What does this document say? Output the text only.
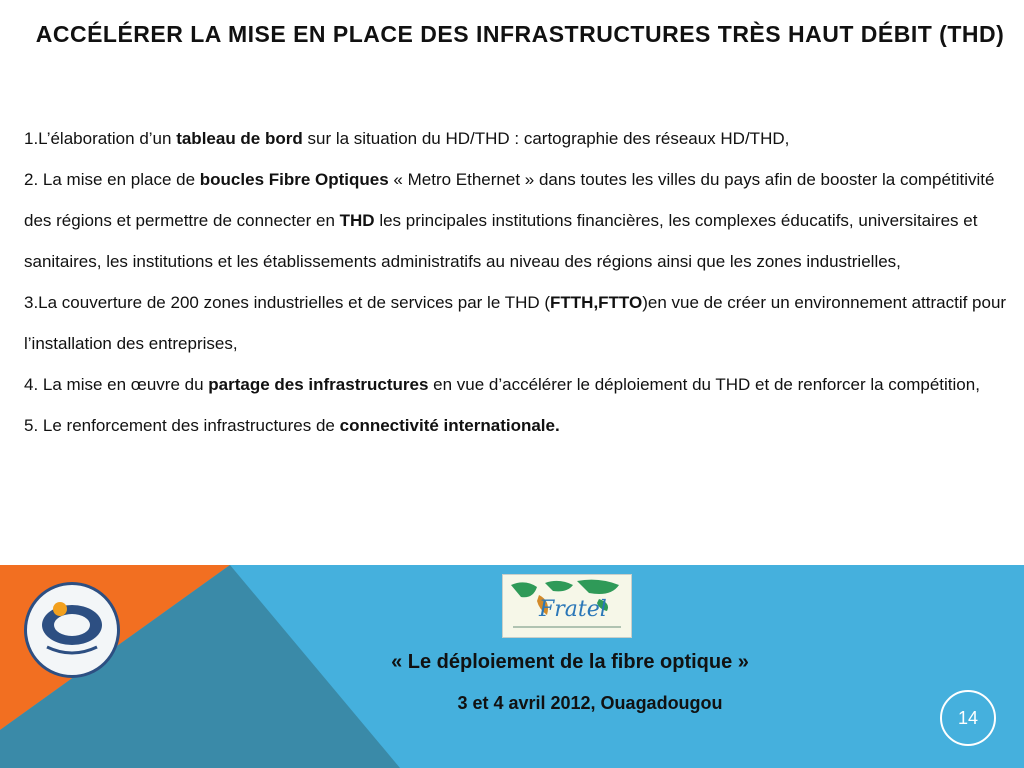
ACCÉLÉRER LA MISE EN PLACE DES INFRASTRUCTURES TRÈS HAUT DÉBIT (THD)

1.L’élaboration d’un tableau de bord sur la situation du HD/THD : cartographie des réseaux HD/THD,

2. La mise en place de boucles Fibre Optiques « Metro Ethernet » dans toutes les villes du pays afin de booster la compétitivité des régions et permettre de connecter en THD les principales institutions financières, les complexes éducatifs, universitaires et sanitaires, les institutions et les établissements administratifs au niveau des régions ainsi que les zones industrielles,

3.La couverture de 200 zones industrielles et de services par le THD (FTTH,FTTO)en vue de créer un environnement attractif pour l’installation des entreprises,

4. La mise en œuvre du partage des infrastructures en vue d’accélérer le déploiement du THD et de renforcer la compétition,

5. Le renforcement des infrastructures de connectivité internationale.

Fratel
« Le déploiement de la fibre optique »
3 et 4 avril 2012, Ouagadougou
14
